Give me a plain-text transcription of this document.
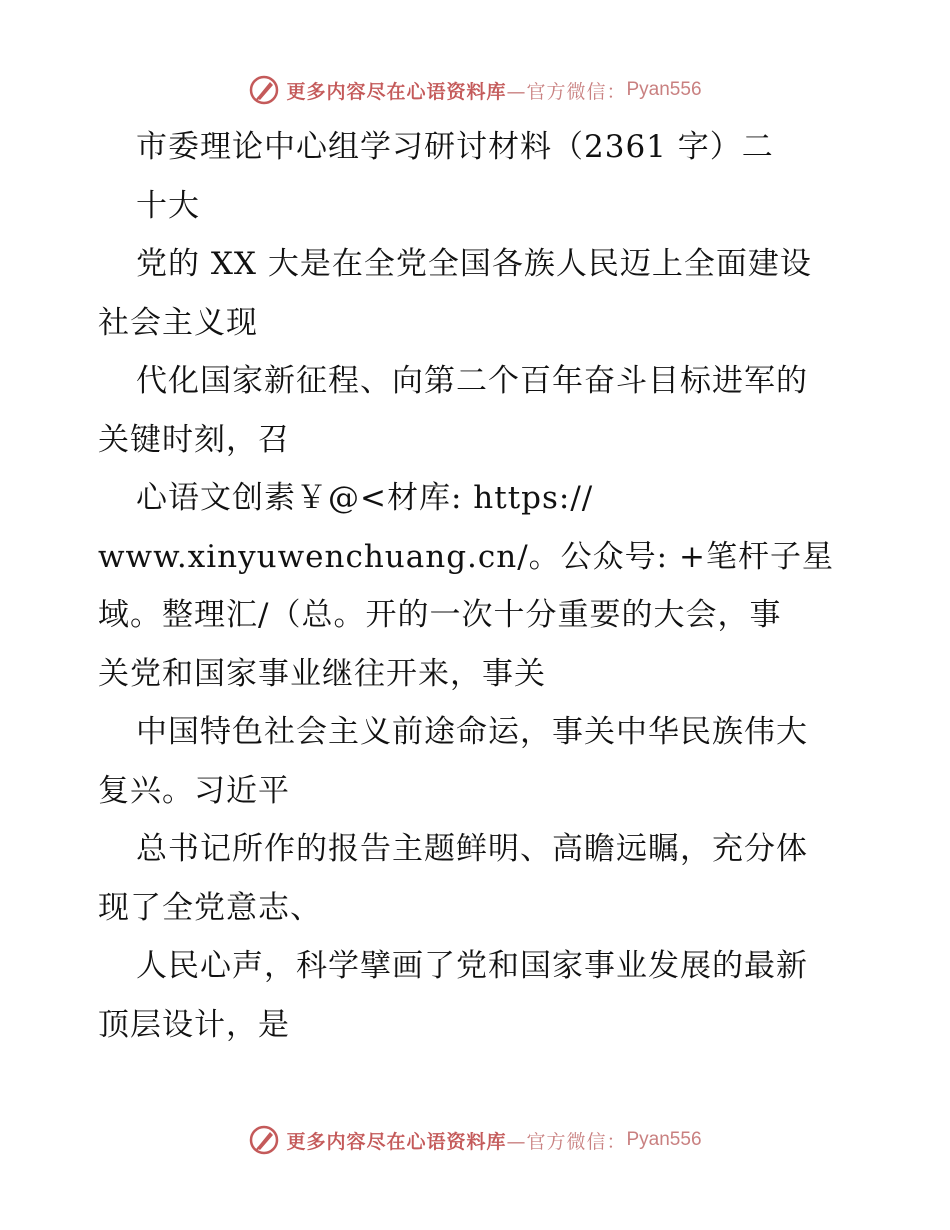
更多内容尽在心语资料库 —官方微信： Pyan556
市委理论中心组学习研讨材料（2361 字）二
十大
党的 XX 大是在全党全国各族人民迈上全面建设
社会主义现
代化国家新征程、向第二个百年奋斗目标进军的
关键时刻，召
心语文创素￥@<材库: https://
www.xinyuwenchuang.cn/。公众号: +笔杆子星
域。整理汇/（总。开的一次十分重要的大会，事
关党和国家事业继往开来，事关
中国特色社会主义前途命运，事关中华民族伟大
复兴。习近平
总书记所作的报告主题鲜明、高瞻远瞩，充分体
现了全党意志、
人民心声，科学擘画了党和国家事业发展的最新
顶层设计，是
更多内容尽在心语资料库 —官方微信： Pyan556
